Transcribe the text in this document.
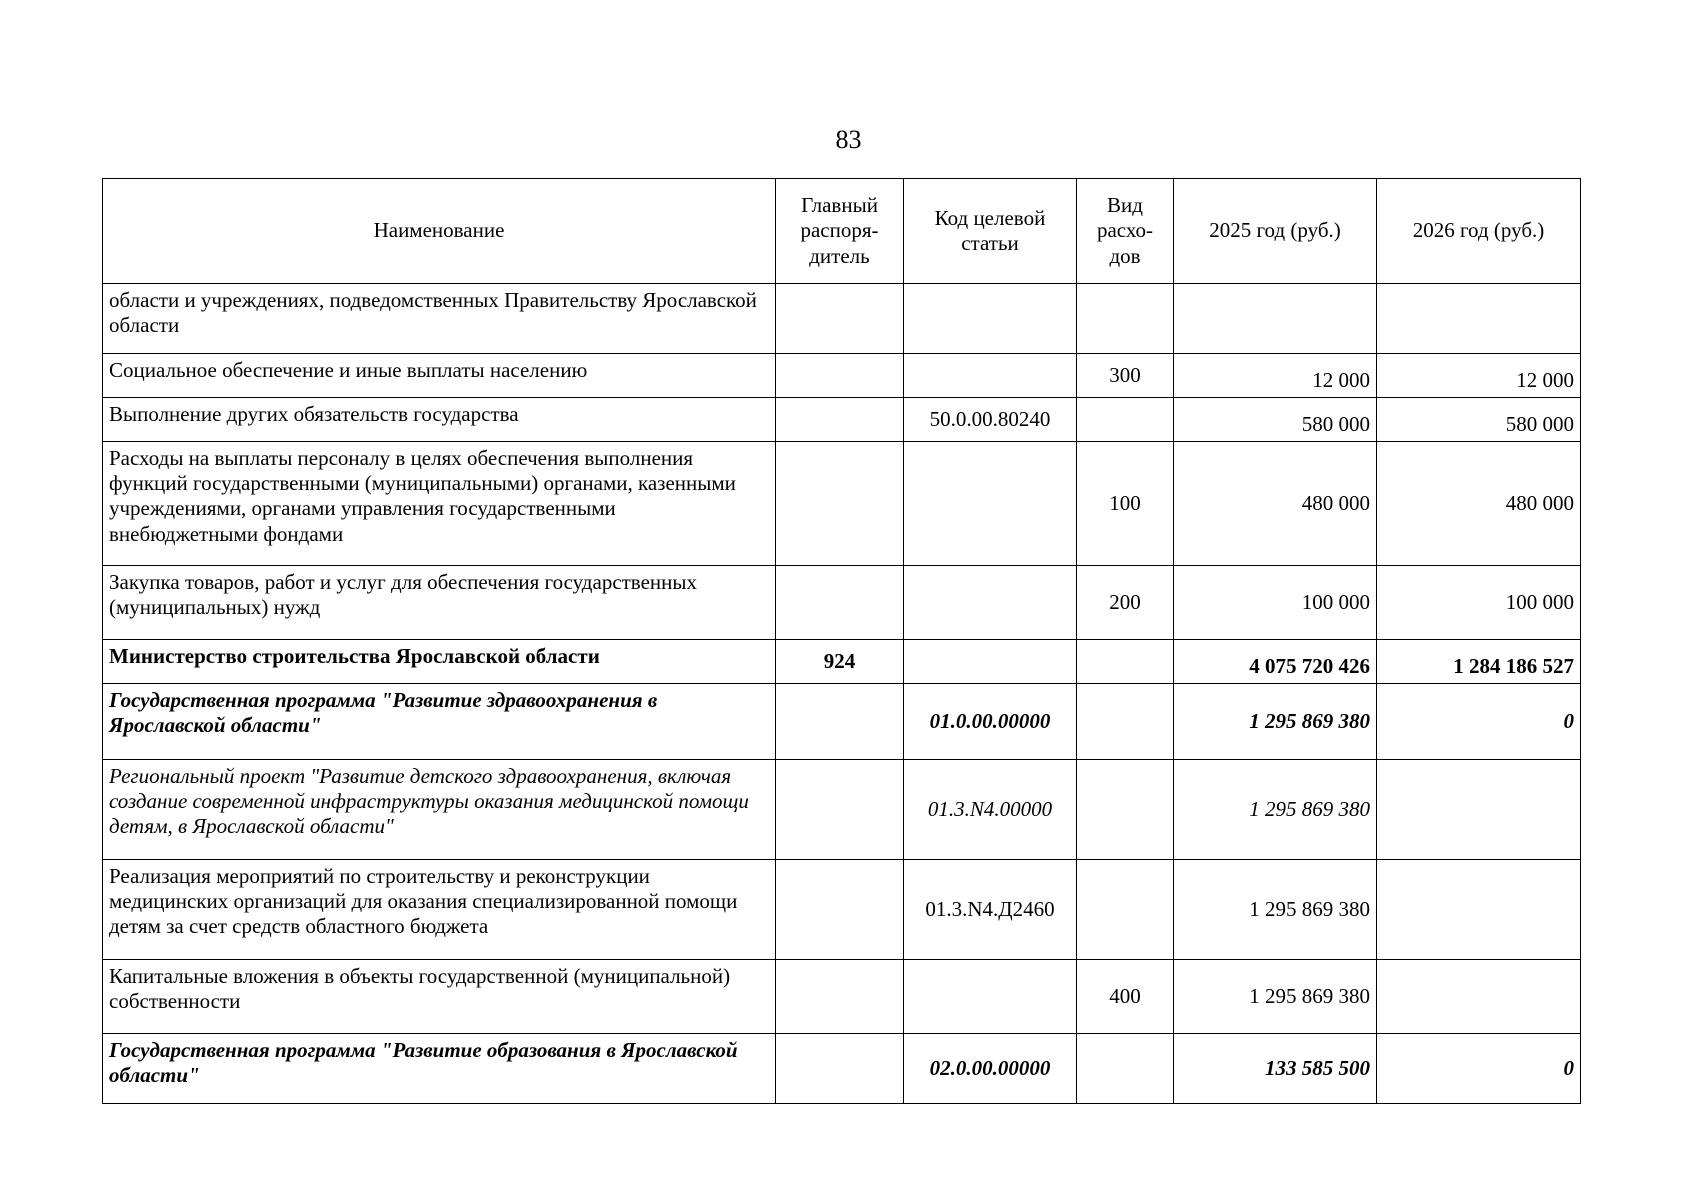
83
Наименование	Главный распоря-дитель	Код целевой статьи	Вид расхо-дов	2025 год (руб.)	2026 год (руб.)
области и учреждениях, подведомственных Правительству Ярославской области					
Социальное обеспечение и иные выплаты населению			300	12 000	12 000
Выполнение других обязательств государства		50.0.00.80240		580 000	580 000
Расходы на выплаты персоналу в целях обеспечения выполнения функций государственными (муниципальными) органами, казенными учреждениями, органами управления государственными внебюджетными фондами			100	480 000	480 000
Закупка товаров, работ и услуг для обеспечения государственных (муниципальных) нужд			200	100 000	100 000
Министерство строительства Ярославской области	924			4 075 720 426	1 284 186 527
Государственная программа "Развитие здравоохранения в Ярославской области"		01.0.00.00000		1 295 869 380	0
Региональный проект "Развитие детского здравоохранения, включая создание современной инфраструктуры оказания медицинской помощи детям, в Ярославской области"		01.3.N4.00000		1 295 869 380	
Реализация мероприятий по строительству и реконструкции медицинских организаций для оказания специализированной помощи детям за счет средств областного бюджета		01.3.N4.Д2460		1 295 869 380	
Капитальные вложения в объекты государственной (муниципальной) собственности			400	1 295 869 380	
Государственная программа "Развитие образования в Ярославской области"		02.0.00.00000		133 585 500	0
